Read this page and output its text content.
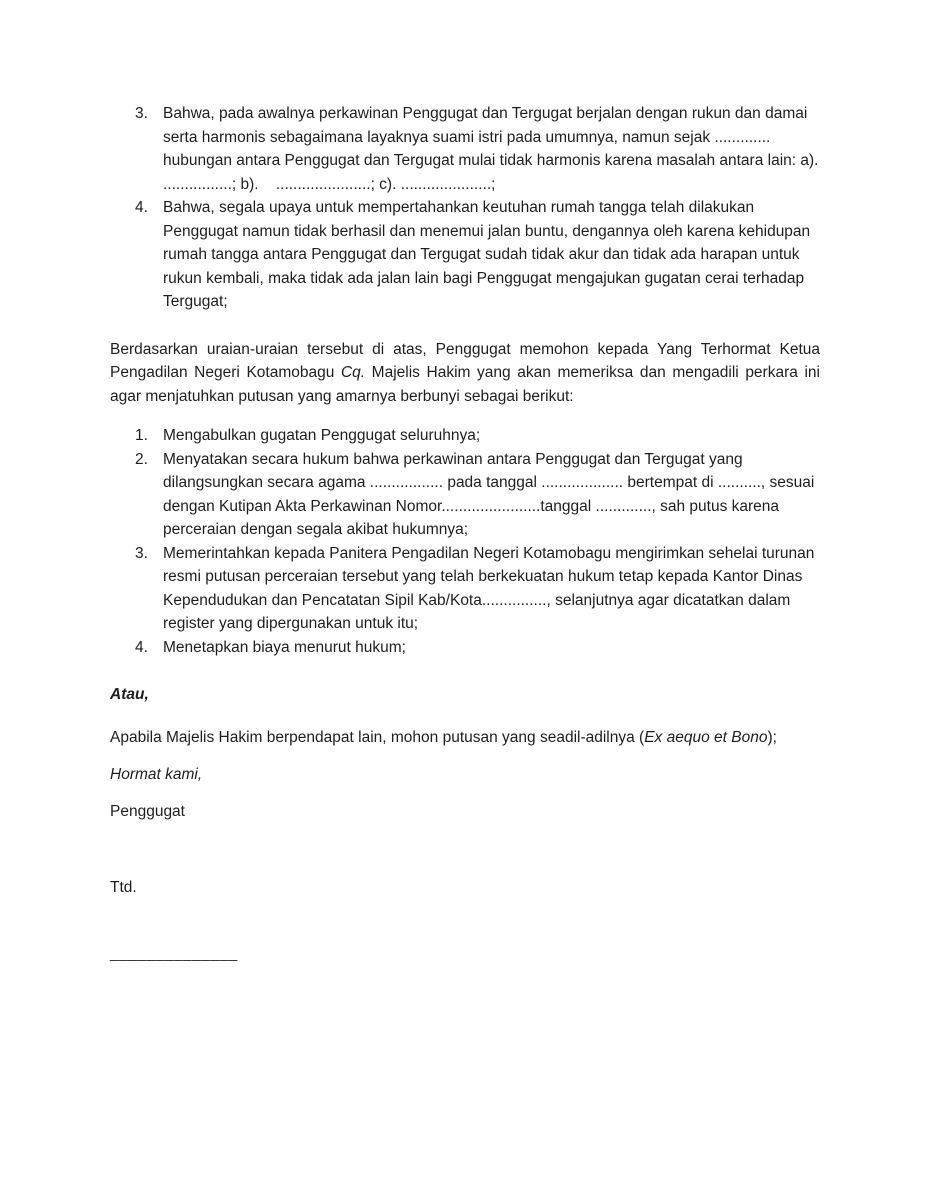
3. Bahwa, pada awalnya perkawinan Penggugat dan Tergugat berjalan dengan rukun dan damai serta harmonis sebagaimana layaknya suami istri pada umumnya, namun sejak ............. hubungan antara Penggugat dan Tergugat mulai tidak harmonis karena masalah antara lain: a). ................; b).    ......................; c). .....................;
4. Bahwa, segala upaya untuk mempertahankan keutuhan rumah tangga telah dilakukan Penggugat namun tidak berhasil dan menemui jalan buntu, dengannya oleh karena kehidupan rumah tangga antara Penggugat dan Tergugat sudah tidak akur dan tidak ada harapan untuk rukun kembali, maka tidak ada jalan lain bagi Penggugat mengajukan gugatan cerai terhadap Tergugat;

Berdasarkan uraian-uraian tersebut di atas, Penggugat memohon kepada Yang Terhormat Ketua Pengadilan Negeri Kotamobagu Cq. Majelis Hakim yang akan memeriksa dan mengadili perkara ini agar menjatuhkan putusan yang amarnya berbunyi sebagai berikut:

1. Mengabulkan gugatan Penggugat seluruhnya;
2. Menyatakan secara hukum bahwa perkawinan antara Penggugat dan Tergugat yang dilangsungkan secara agama ................. pada tanggal ................... bertempat di .........., sesuai dengan Kutipan Akta Perkawinan Nomor.......................tanggal ............., sah putus karena perceraian dengan segala akibat hukumnya;
3. Memerintahkan kepada Panitera Pengadilan Negeri Kotamobagu mengirimkan sehelai turunan resmi putusan perceraian tersebut yang telah berkekuatan hukum tetap kepada Kantor Dinas Kependudukan dan Pencatatan Sipil Kab/Kota..............., selanjutnya agar dicatatkan dalam register yang dipergunakan untuk itu;
4. Menetapkan biaya menurut hukum;

Atau,

Apabila Majelis Hakim berpendapat lain, mohon putusan yang seadil-adilnya (Ex aequo et Bono);

Hormat kami,

Penggugat

Ttd.

______________
